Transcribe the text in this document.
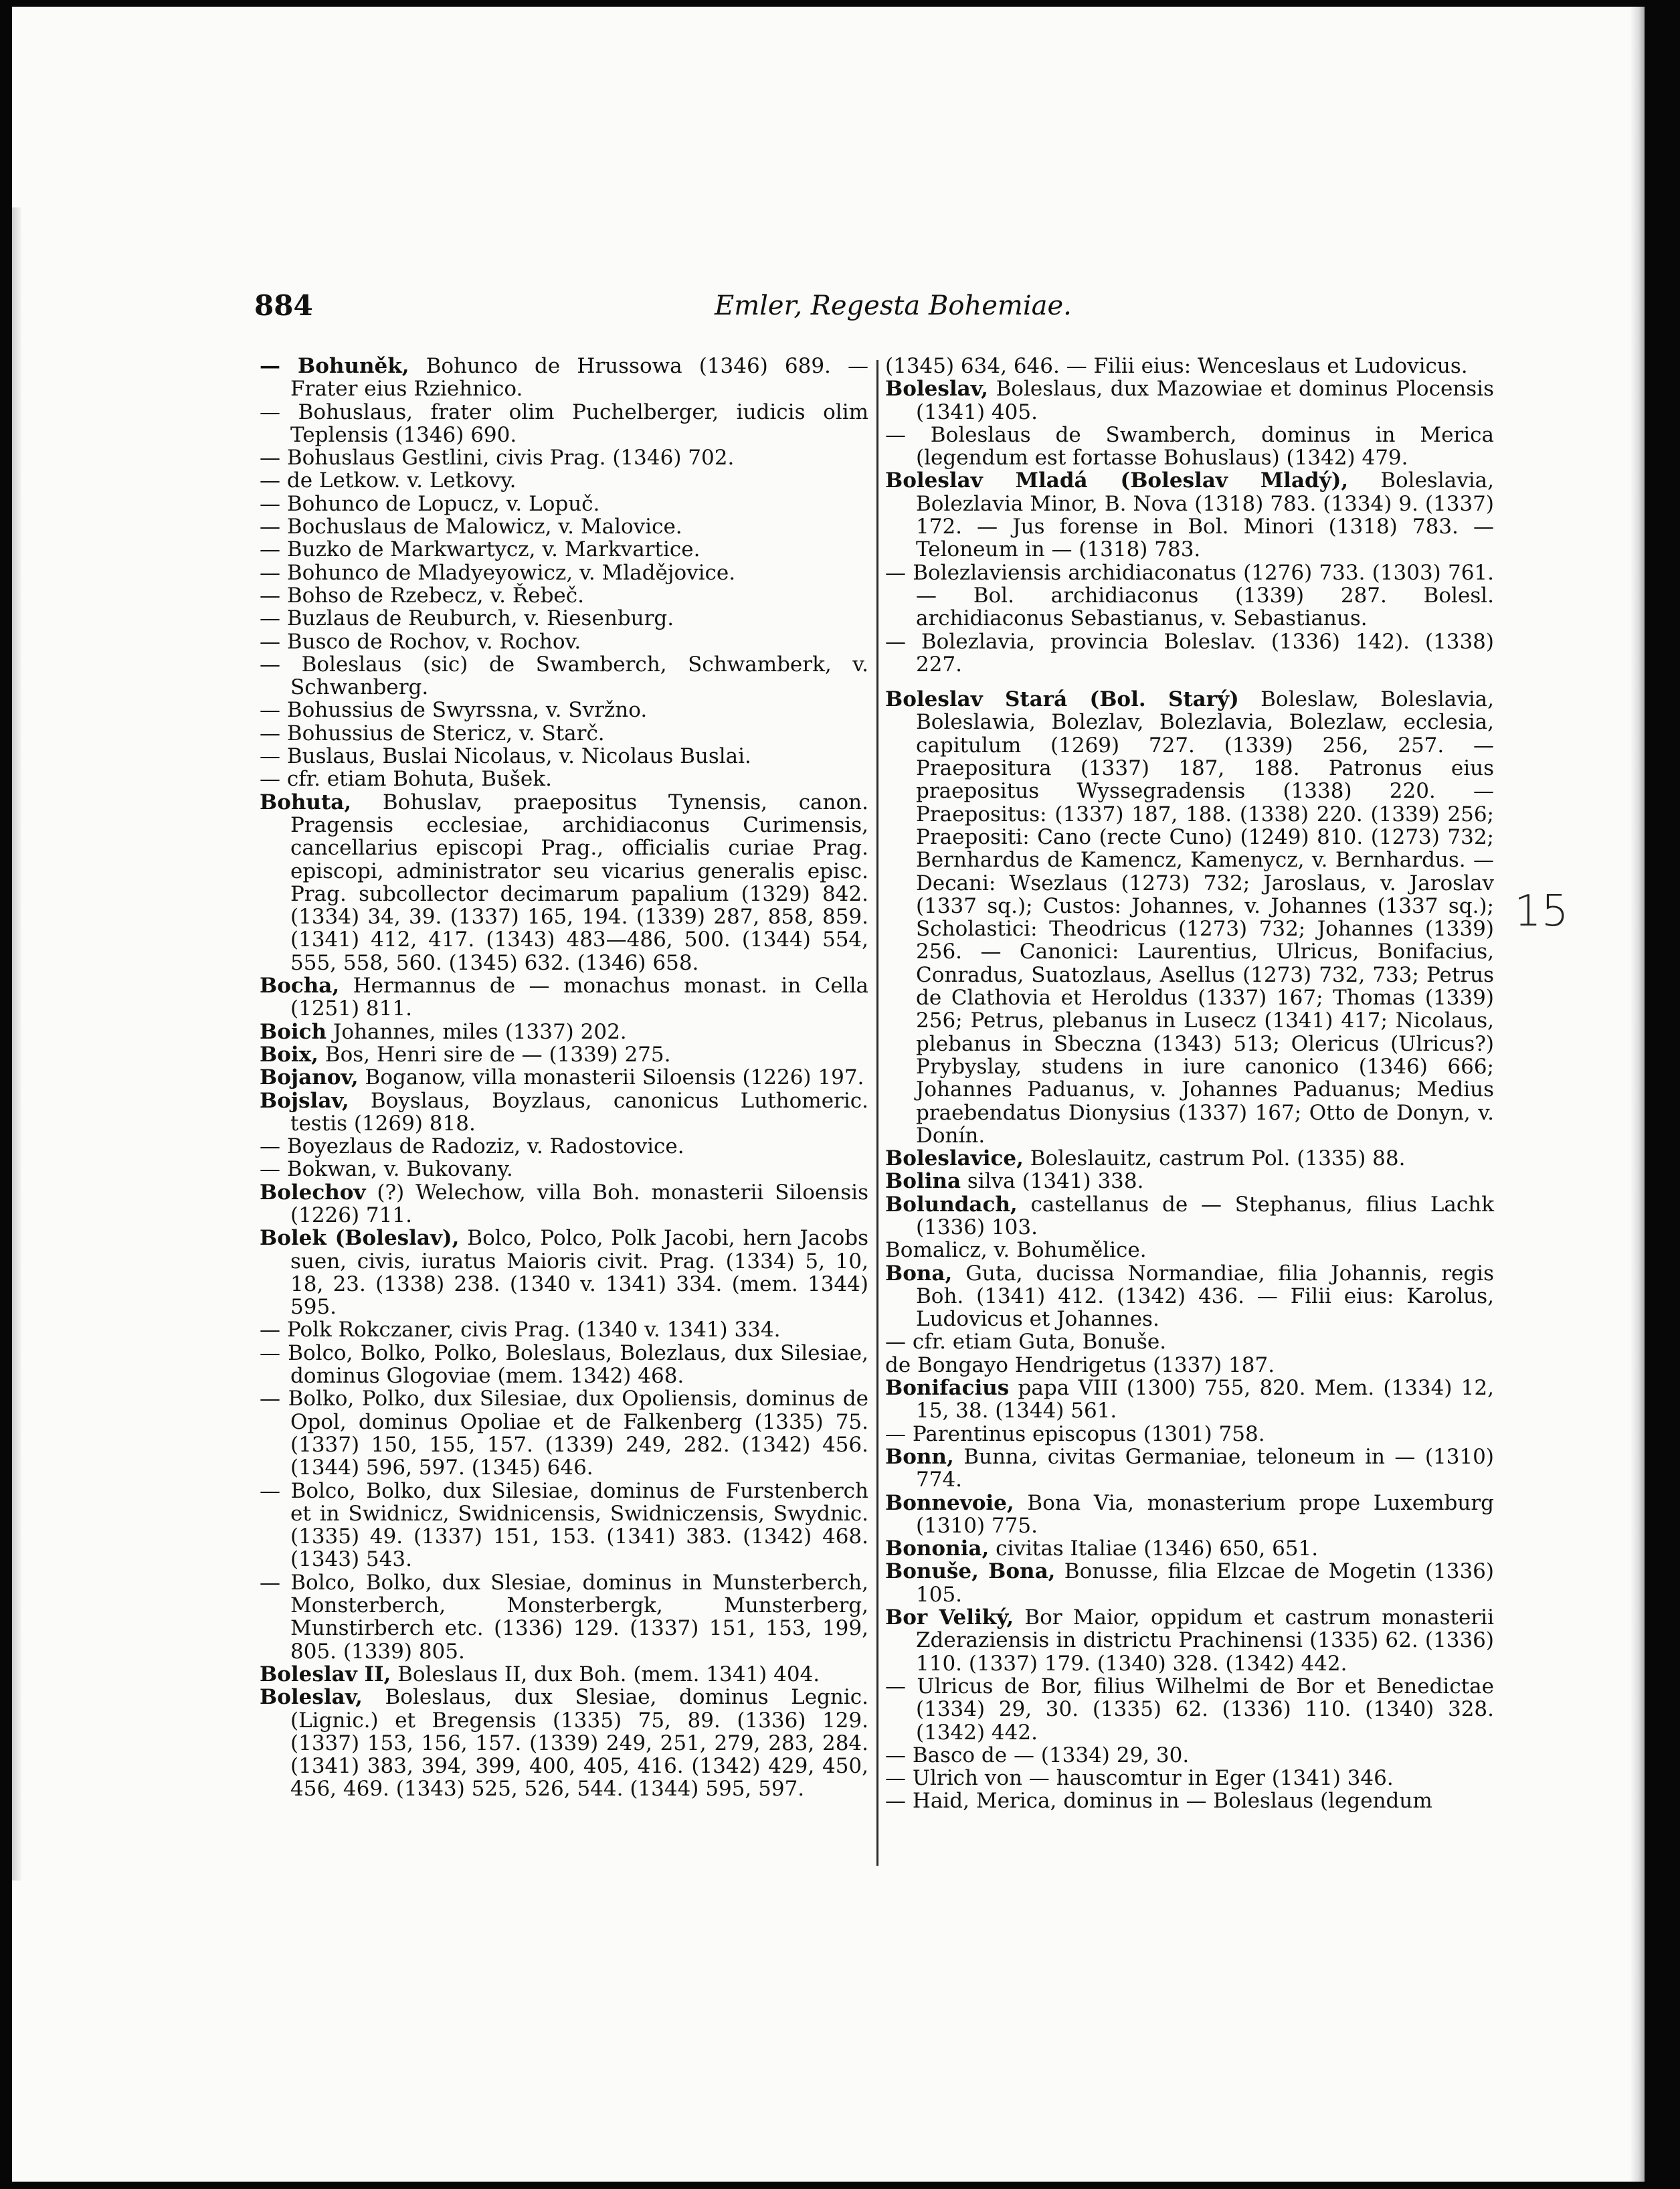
884	Emler, Regesta Bohemiae.

— Bohuněk, Bohunco de Hrussowa (1346) 689. — Frater eius Rziehnico.

— Bohuslaus, frater olim Puchelberger, iudicis olim Teplensis (1346) 690.

— Bohuslaus Gestlini, civis Prag. (1346) 702.

— de Letkow. v. Letkovy.

— Bohunco de Lopucz, v. Lopuč.

— Bochuslaus de Malowicz, v. Malovice.

— Buzko de Markwartycz, v. Markvartice.

— Bohunco de Mladyeyowicz, v. Mladějovice.

— Bohso de Rzebecz, v. Řebeč.

— Buzlaus de Reuburch, v. Riesenburg.

— Busco de Rochov, v. Rochov.

— Boleslaus (sic) de Swamberch, Schwamberk, v. Schwanberg.

— Bohussius de Swyrssna, v. Svržno.

— Bohussius de Stericz, v. Starč.

— Buslaus, Buslai Nicolaus, v. Nicolaus Buslai.

— cfr. etiam Bohuta, Bušek.

Bohuta, Bohuslav, praepositus Tynensis, canon. Pragensis ecclesiae, archidiaconus Curimensis, cancellarius episcopi Prag., officialis curiae Prag. episcopi, administrator seu vicarius generalis episc. Prag. subcollector decimarum papalium (1329) 842. (1334) 34, 39. (1337) 165, 194. (1339) 287, 858, 859. (1341) 412, 417. (1343) 483—486, 500. (1344) 554, 555, 558, 560. (1345) 632. (1346) 658.

Bocha, Hermannus de — monachus monast. in Cella (1251) 811.

Boich Johannes, miles (1337) 202.

Boix, Bos, Henri sire de — (1339) 275.

Bojanov, Boganow, villa monasterii Siloensis (1226) 197.

Bojslav, Boyslaus, Boyzlaus, canonicus Luthomeric. testis (1269) 818.

— Boyezlaus de Radoziz, v. Radostovice.

— Bokwan, v. Bukovany.

Bolechov (?) Welechow, villa Boh. monasterii Siloensis (1226) 711.

Bolek (Boleslav), Bolco, Polco, Polk Jacobi, hern Jacobs suen, civis, iuratus Maioris civit. Prag. (1334) 5, 10, 18, 23. (1338) 238. (1340 v. 1341) 334. (mem. 1344) 595.

— Polk Rokczaner, civis Prag. (1340 v. 1341) 334.

— Bolco, Bolko, Polko, Boleslaus, Bolezlaus, dux Silesiae, dominus Glogoviae (mem. 1342) 468.

— Bolko, Polko, dux Silesiae, dux Opoliensis, dominus de Opol, dominus Opoliae et de Falkenberg (1335) 75. (1337) 150, 155, 157. (1339) 249, 282. (1342) 456. (1344) 596, 597. (1345) 646.

— Bolco, Bolko, dux Silesiae, dominus de Furstenberch et in Swidnicz, Swidnicensis, Swidniczensis, Swydnic. (1335) 49. (1337) 151, 153. (1341) 383. (1342) 468. (1343) 543.

— Bolco, Bolko, dux Slesiae, dominus in Munsterberch, Monsterberch, Monsterbergk, Munsterberg, Munstirberch etc. (1336) 129. (1337) 151, 153, 199, 805. (1339) 805.

Boleslav II, Boleslaus II, dux Boh. (mem. 1341) 404.

Boleslav, Boleslaus, dux Slesiae, dominus Legnic. (Lignic.) et Bregensis (1335) 75, 89. (1336) 129. (1337) 153, 156, 157. (1339) 249, 251, 279, 283, 284. (1341) 383, 394, 399, 400, 405, 416. (1342) 429, 450, 456, 469. (1343) 525, 526, 544. (1344) 595, 597.

(1345) 634, 646. — Filii eius: Wenceslaus et Ludovicus.

Boleslav, Boleslaus, dux Mazowiae et dominus Plocensis (1341) 405.

— Boleslaus de Swamberch, dominus in Merica (legendum est fortasse Bohuslaus) (1342) 479.

Boleslav Mladá (Boleslav Mladý), Boleslavia, Bolezlavia Minor, B. Nova (1318) 783. (1334) 9. (1337) 172. — Jus forense in Bol. Minori (1318) 783. — Teloneum in — (1318) 783.

— Bolezlaviensis archidiaconatus (1276) 733. (1303) 761. — Bol. archidiaconus (1339) 287. Bolesl. archidiaconus Sebastianus, v. Sebastianus.

— Bolezlavia, provincia Boleslav. (1336) 142). (1338) 227.

Boleslav Stará (Bol. Starý) Boleslaw, Boleslavia, Boleslawia, Bolezlav, Bolezlavia, Bolezlaw, ecclesia, capitulum (1269) 727. (1339) 256, 257. — Praepositura (1337) 187, 188. Patronus eius praepositus Wyssegradensis (1338) 220. — Praepositus: (1337) 187, 188. (1338) 220. (1339) 256; Praepositi: Cano (recte Cuno) (1249) 810. (1273) 732; Bernhardus de Kamencz, Kamenycz, v. Bernhardus. — Decani: Wsezlaus (1273) 732; Jaroslaus, v. Jaroslav (1337 sq.); Custos: Johannes, v. Johannes (1337 sq.); Scholastici: Theodricus (1273) 732; Johannes (1339) 256. — Canonici: Laurentius, Ulricus, Bonifacius, Conradus, Suatozlaus, Asellus (1273) 732, 733; Petrus de Clathovia et Heroldus (1337) 167; Thomas (1339) 256; Petrus, plebanus in Lusecz (1341) 417; Nicolaus, plebanus in Sbeczna (1343) 513; Olericus (Ulricus?) Prybyslay, studens in iure canonico (1346) 666; Johannes Paduanus, v. Johannes Paduanus; Medius praebendatus Dionysius (1337) 167; Otto de Donyn, v. Donín.

Boleslavice, Boleslauitz, castrum Pol. (1335) 88.

Bolina silva (1341) 338.

Bolundach, castellanus de — Stephanus, filius Lachk (1336) 103.

Bomalicz, v. Bohumělice.

Bona, Guta, ducissa Normandiae, filia Johannis, regis Boh. (1341) 412. (1342) 436. — Filii eius: Karolus, Ludovicus et Johannes.

— cfr. etiam Guta, Bonuše.

de Bongayo Hendrigetus (1337) 187.

Bonifacius papa VIII (1300) 755, 820. Mem. (1334) 12, 15, 38. (1344) 561.

— Parentinus episcopus (1301) 758.

Bonn, Bunna, civitas Germaniae, teloneum in — (1310) 774.

Bonnevoie, Bona Via, monasterium prope Luxemburg (1310) 775.

Bononia, civitas Italiae (1346) 650, 651.

Bonuše, Bona, Bonusse, filia Elzcae de Mogetin (1336) 105.

Bor Veliký, Bor Maior, oppidum et castrum monasterii Zderaziensis in districtu Prachinensi (1335) 62. (1336) 110. (1337) 179. (1340) 328. (1342) 442.

— Ulricus de Bor, filius Wilhelmi de Bor et Benedictae (1334) 29, 30. (1335) 62. (1336) 110. (1340) 328. (1342) 442.

— Basco de — (1334) 29, 30.

— Ulrich von — hauscomtur in Eger (1341) 346.

— Haid, Merica, dominus in — Boleslaus (legendum

15
